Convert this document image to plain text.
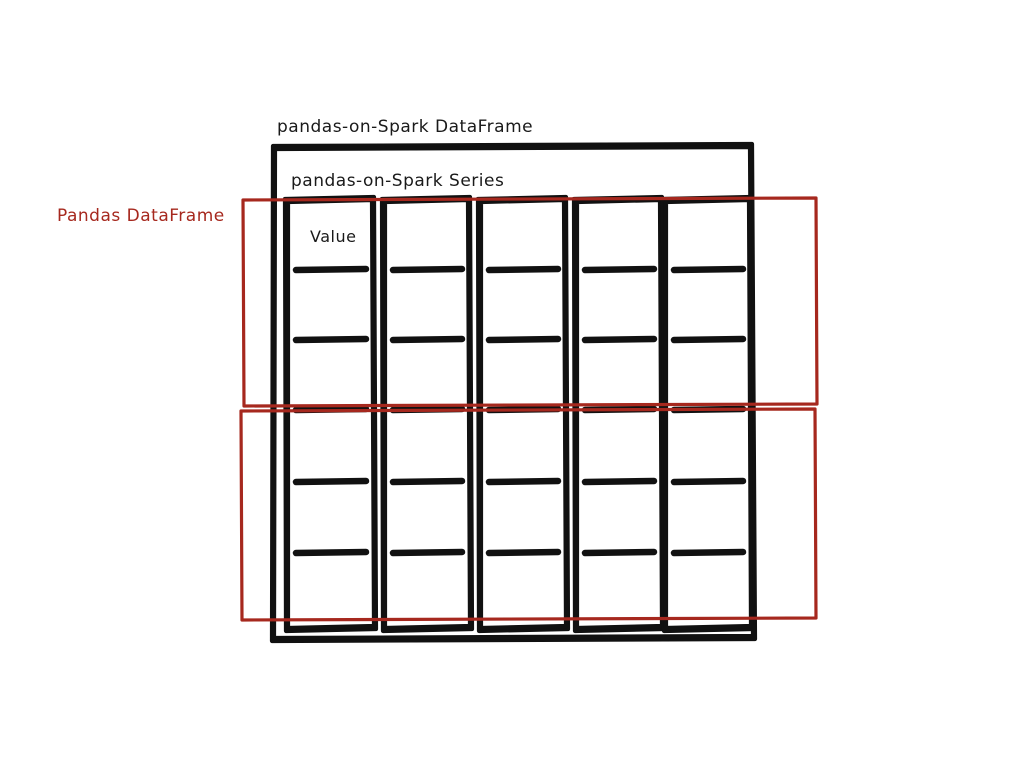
pandas-on-Spark DataFrame
pandas-on-Spark Series
Pandas DataFrame
Value
